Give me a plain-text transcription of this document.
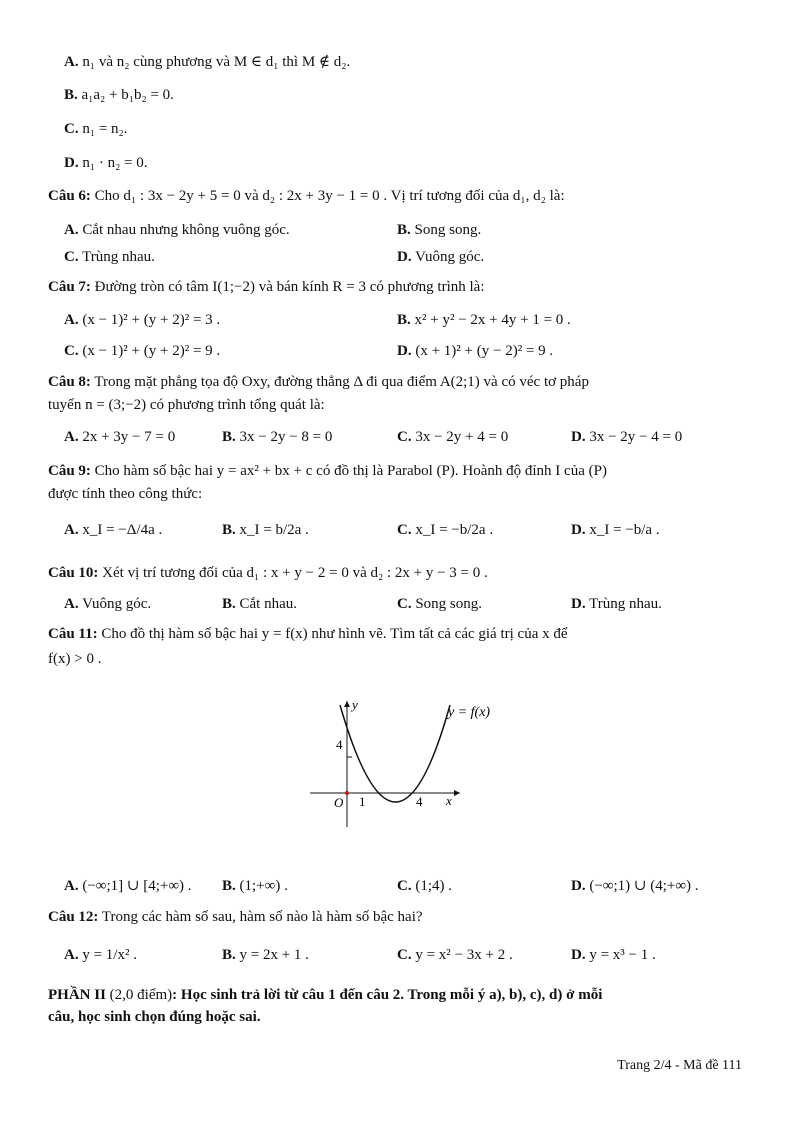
A. n₁ và n₂ cùng phương và M ∈ d₁ thì M ∉ d₂.
B. a₁a₂ + b₁b₂ = 0.
C. n₁ = n₂.
D. n₁ · n₂ = 0.
Câu 6: Cho d₁ : 3x − 2y + 5 = 0 và d₂ : 2x + 3y − 1 = 0 . Vị trí tương đối của d₁, d₂ là:
A. Cắt nhau nhưng không vuông góc.	B. Song song.
C. Trùng nhau.	D. Vuông góc.
Câu 7: Đường tròn có tâm I(1;−2) và bán kính R = 3 có phương trình là:
A. (x − 1)² + (y + 2)² = 3 .	B. x² + y² − 2x + 4y + 1 = 0 .
C. (x − 1)² + (y + 2)² = 9 .	D. (x + 1)² + (y − 2)² = 9 .
Câu 8: Trong mặt phẳng tọa độ Oxy, đường thẳng Δ đi qua điểm A(2;1) và có véc tơ pháp
tuyến n = (3;−2) có phương trình tổng quát là:
A. 2x + 3y − 7 = 0	B. 3x − 2y − 8 = 0	C. 3x − 2y + 4 = 0	D. 3x − 2y − 4 = 0
Câu 9: Cho hàm số bậc hai y = ax² + bx + c có đồ thị là Parabol (P). Hoành độ đỉnh I của (P)
được tính theo công thức:
A. x_I = −Δ/4a .	B. x_I = b/2a .	C. x_I = −b/2a .	D. x_I = −b/a .
Câu 10: Xét vị trí tương đối của d₁ : x + y − 2 = 0 và d₂ : 2x + y − 3 = 0 .
A. Vuông góc.	B. Cắt nhau.	C. Song song.	D. Trùng nhau.
Câu 11: Cho đồ thị hàm số bậc hai y = f(x) như hình vẽ. Tìm tất cả các giá trị của x để
f(x) > 0 .
y
x
O
4
1	4
y = f(x)
A. (−∞;1] ∪ [4;+∞) . B. (1;+∞) .	C. (1;4) .	D. (−∞;1) ∪ (4;+∞) .
Câu 12: Trong các hàm số sau, hàm số nào là hàm số bậc hai?
A. y = 1/x² .	B. y = 2x + 1 .	C. y = x² − 3x + 2 .	D. y = x³ − 1 .
PHẦN II (2,0 điểm): Học sinh trả lời từ câu 1 đến câu 2. Trong mỗi ý a), b), c), d) ở mỗi
câu, học sinh chọn đúng hoặc sai.
Trang 2/4 - Mã đề 111
